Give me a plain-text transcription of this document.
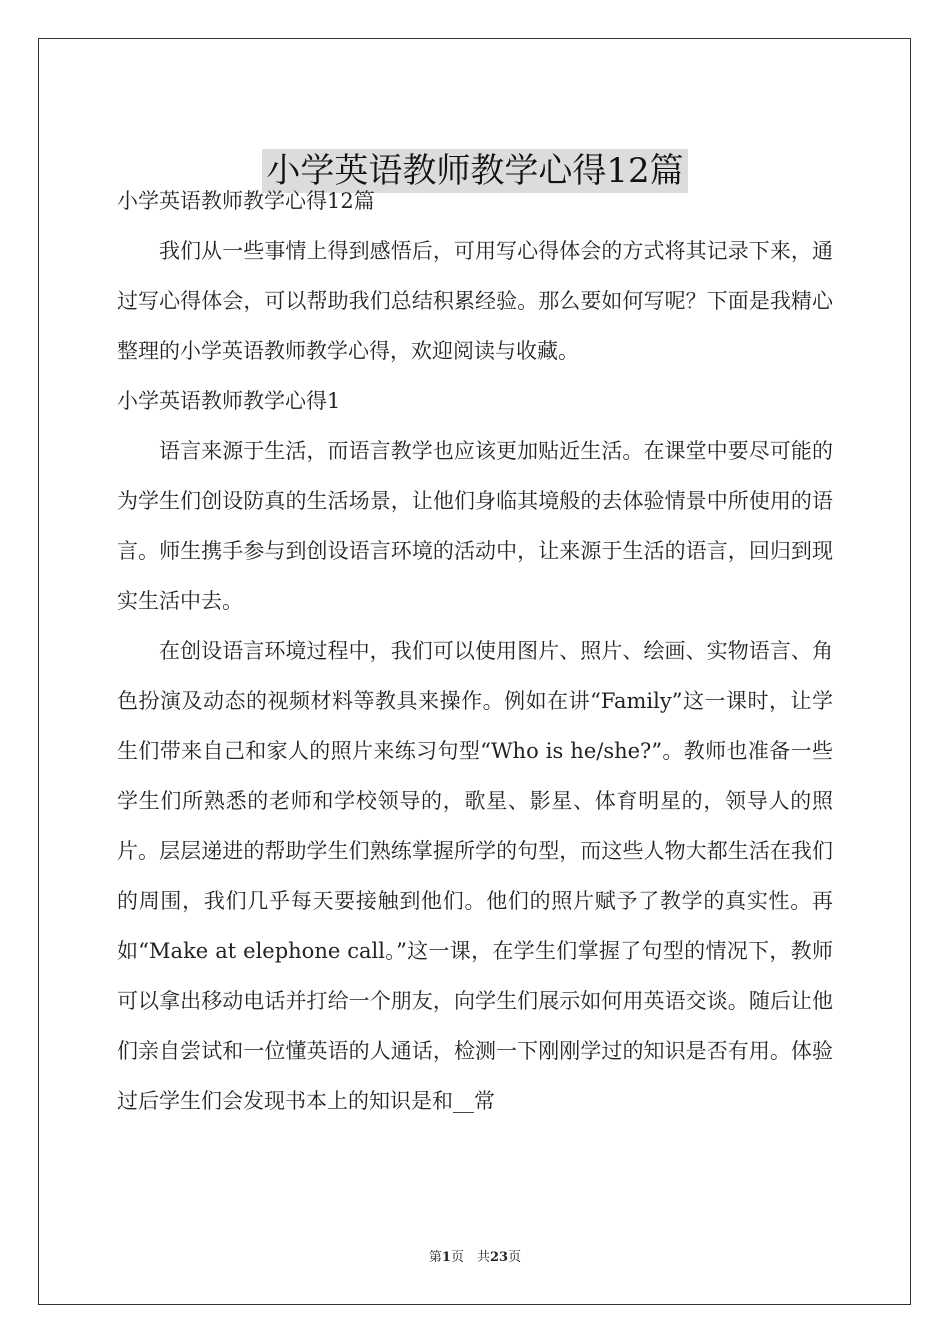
小学英语教师教学心得12篇

小学英语教师教学心得12篇

我们从一些事情上得到感悟后，可用写心得体会的方式将其记录下来，通过写心得体会，可以帮助我们总结积累经验。那么要如何写呢？下面是我精心整理的小学英语教师教学心得，欢迎阅读与收藏。

小学英语教师教学心得1

语言来源于生活，而语言教学也应该更加贴近生活。在课堂中要尽可能的为学生们创设防真的生活场景，让他们身临其境般的去体验情景中所使用的语言。师生携手参与到创设语言环境的活动中，让来源于生活的语言，回归到现实生活中去。

在创设语言环境过程中，我们可以使用图片、照片、绘画、实物语言、角色扮演及动态的视频材料等教具来操作。例如在讲“Family”这一课时，让学生们带来自己和家人的照片来练习句型“Who is he/she?”。教师也准备一些学生们所熟悉的老师和学校领导的，歌星、影星、体育明星的，领导人的照片。层层递进的帮助学生们熟练掌握所学的句型，而这些人物大都生活在我们的周围，我们几乎每天要接触到他们。他们的照片赋予了教学的真实性。再如“Make at elephone call。”这一课，在学生们掌握了句型的情况下，教师可以拿出移动电话并打给一个朋友，向学生们展示如何用英语交谈。随后让他们亲自尝试和一位懂英语的人通话，检测一下刚刚学过的知识是否有用。体验过后学生们会发现书本上的知识是和__常

第1页　共23页
